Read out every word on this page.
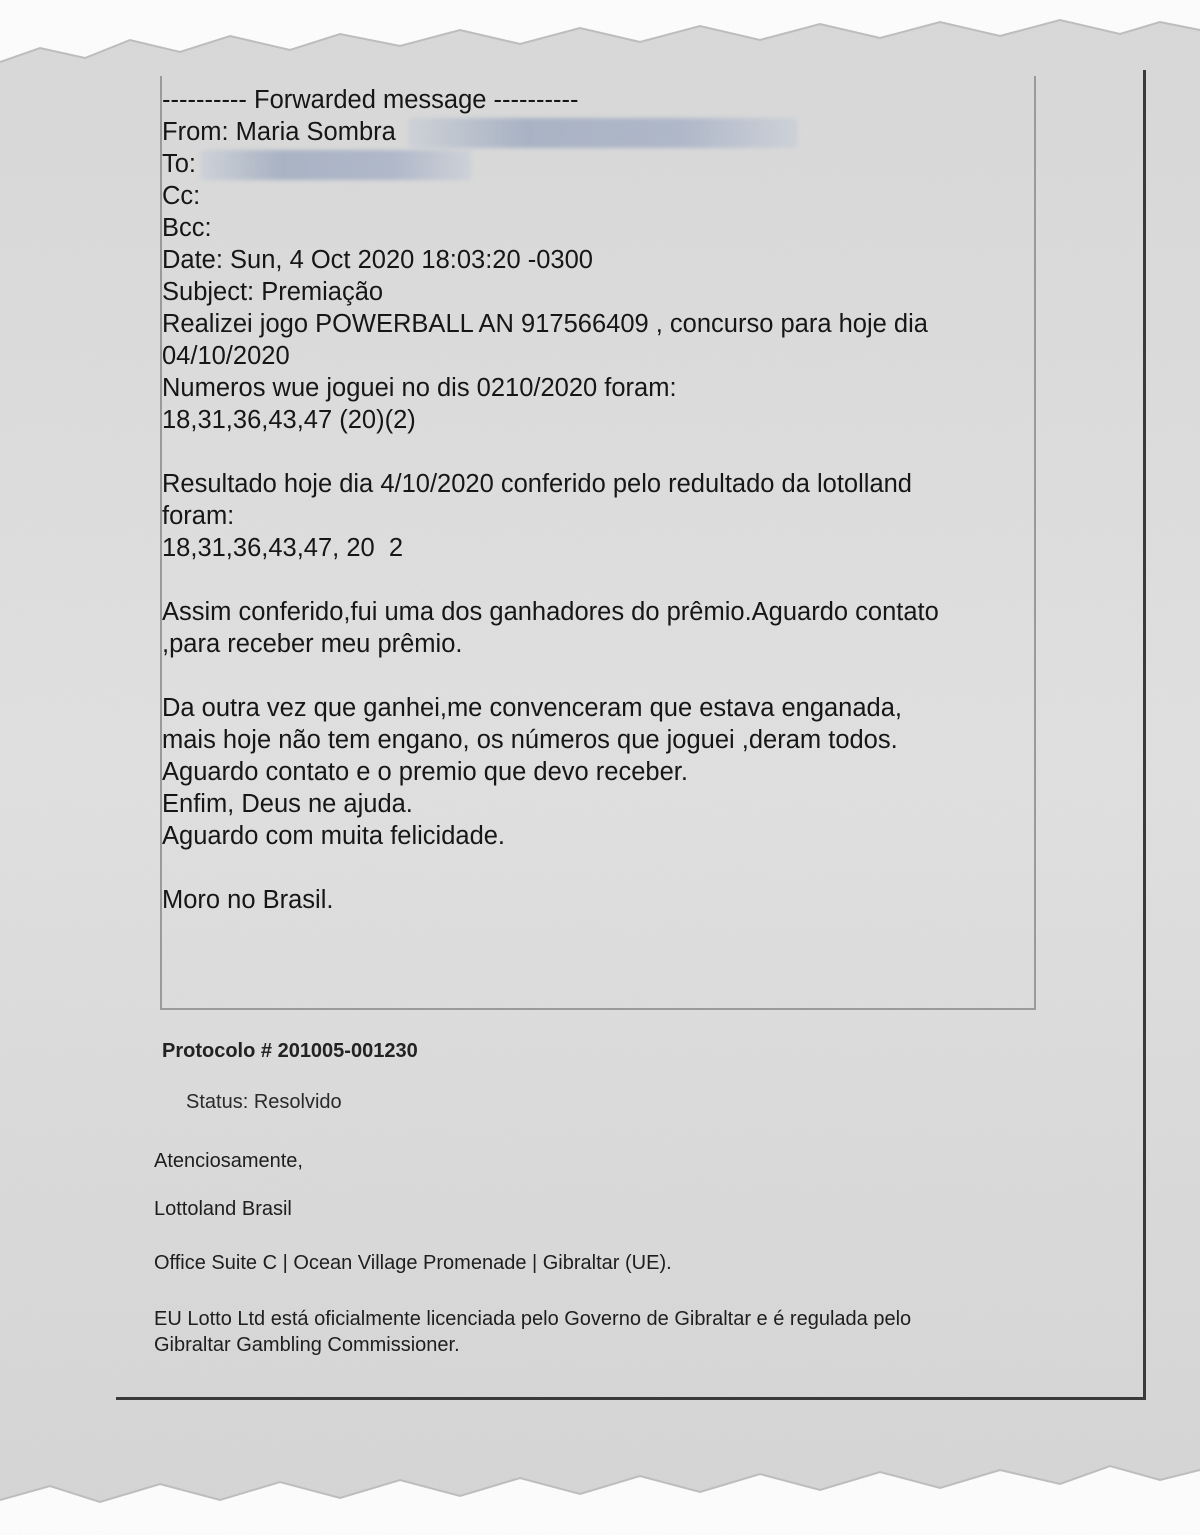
---------- Forwarded message ----------
From: Maria Sombra
To:
Cc:
Bcc:
Date: Sun, 4 Oct 2020 18:03:20 -0300
Subject: Premiação
Realizei jogo POWERBALL AN 917566409 , concurso para hoje dia
04/10/2020
Numeros wue joguei no dis 0210/2020 foram:
18,31,36,43,47 (20)(2)
Resultado hoje dia 4/10/2020 conferido pelo redultado da lotolland
foram:
18,31,36,43,47, 20  2
Assim conferido,fui uma dos ganhadores do prêmio.Aguardo contato
,para receber meu prêmio.
Da outra vez que ganhei,me convenceram que estava enganada,
mais hoje não tem engano, os números que joguei ,deram todos.
Aguardo contato e o premio que devo receber.
Enfim, Deus ne ajuda.
Aguardo com muita felicidade.
Moro no Brasil.
Protocolo # 201005-001230
Status: Resolvido
Atenciosamente,
Lottoland Brasil
Office Suite C | Ocean Village Promenade | Gibraltar (UE).
EU Lotto Ltd está oficialmente licenciada pelo Governo de Gibraltar e é regulada pelo
Gibraltar Gambling Commissioner.
